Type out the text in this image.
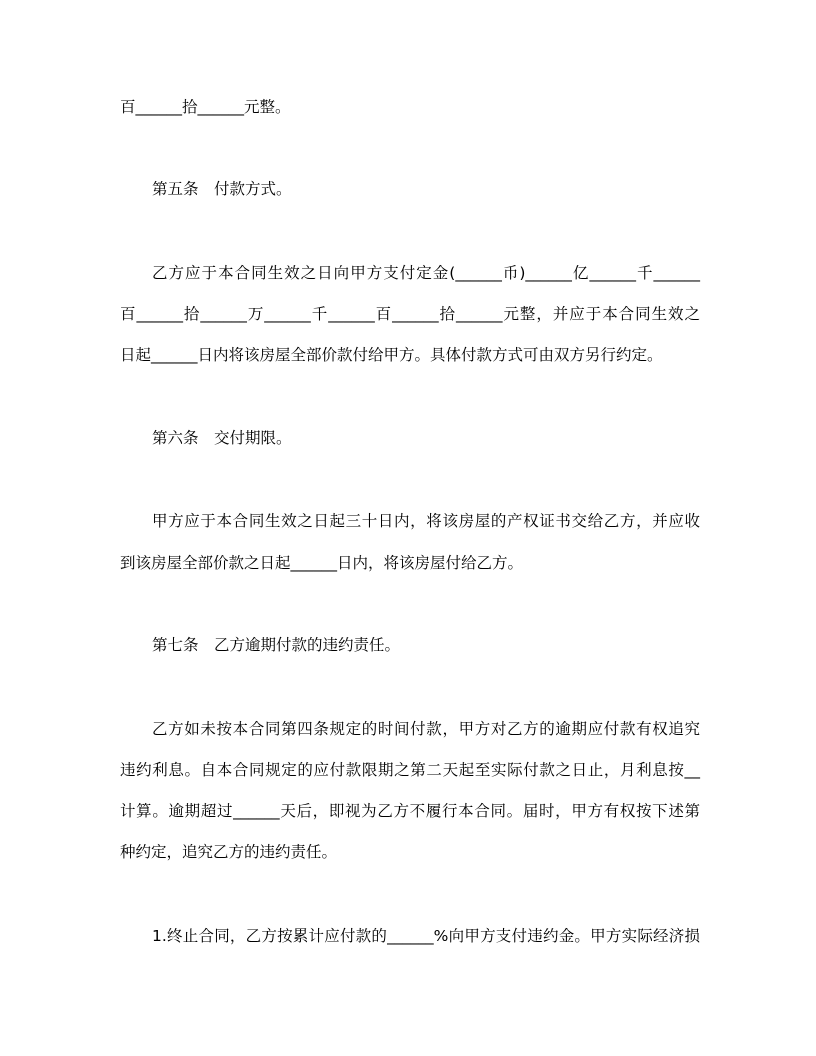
百______拾______元整。
第五条　付款方式。
乙方应于本合同生效之日向甲方支付定金(______币)______亿______千______
百______拾______万______千______百______拾______元整，并应于本合同生效之
日起______日内将该房屋全部价款付给甲方。具体付款方式可由双方另行约定。
第六条　交付期限。
甲方应于本合同生效之日起三十日内，将该房屋的产权证书交给乙方，并应收
到该房屋全部价款之日起______日内，将该房屋付给乙方。
第七条　乙方逾期付款的违约责任。
乙方如未按本合同第四条规定的时间付款，甲方对乙方的逾期应付款有权追究
违约利息。自本合同规定的应付款限期之第二天起至实际付款之日止，月利息按__
计算。逾期超过______天后，即视为乙方不履行本合同。届时，甲方有权按下述第
种约定，追究乙方的违约责任。
1.终止合同，乙方按累计应付款的______%向甲方支付违约金。甲方实际经济损
